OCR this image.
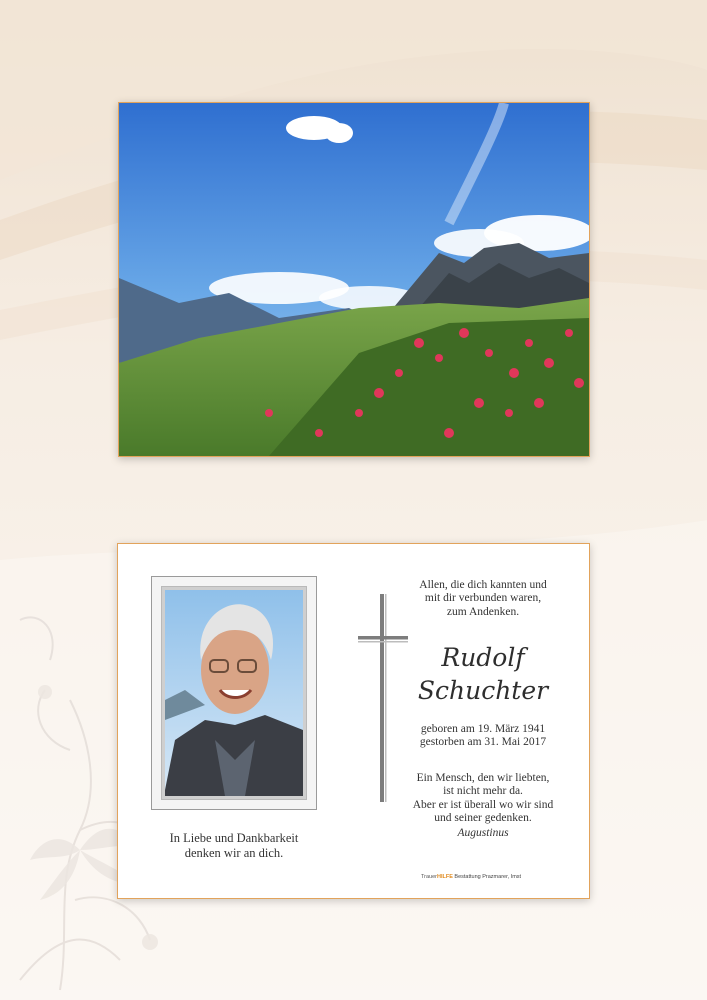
In Liebe und Dankbarkeit
denken wir an dich.
Allen, die dich kannten und
mit dir verbunden waren,
zum Andenken.
Rudolf
Schuchter
geboren am 19. März 1941
gestorben am 31. Mai 2017
Ein Mensch, den wir liebten,
ist nicht mehr da.
Aber er ist überall wo wir sind
und seiner gedenken.
Augustinus
TrauerHILFE Bestattung Prazmarer, Imst
